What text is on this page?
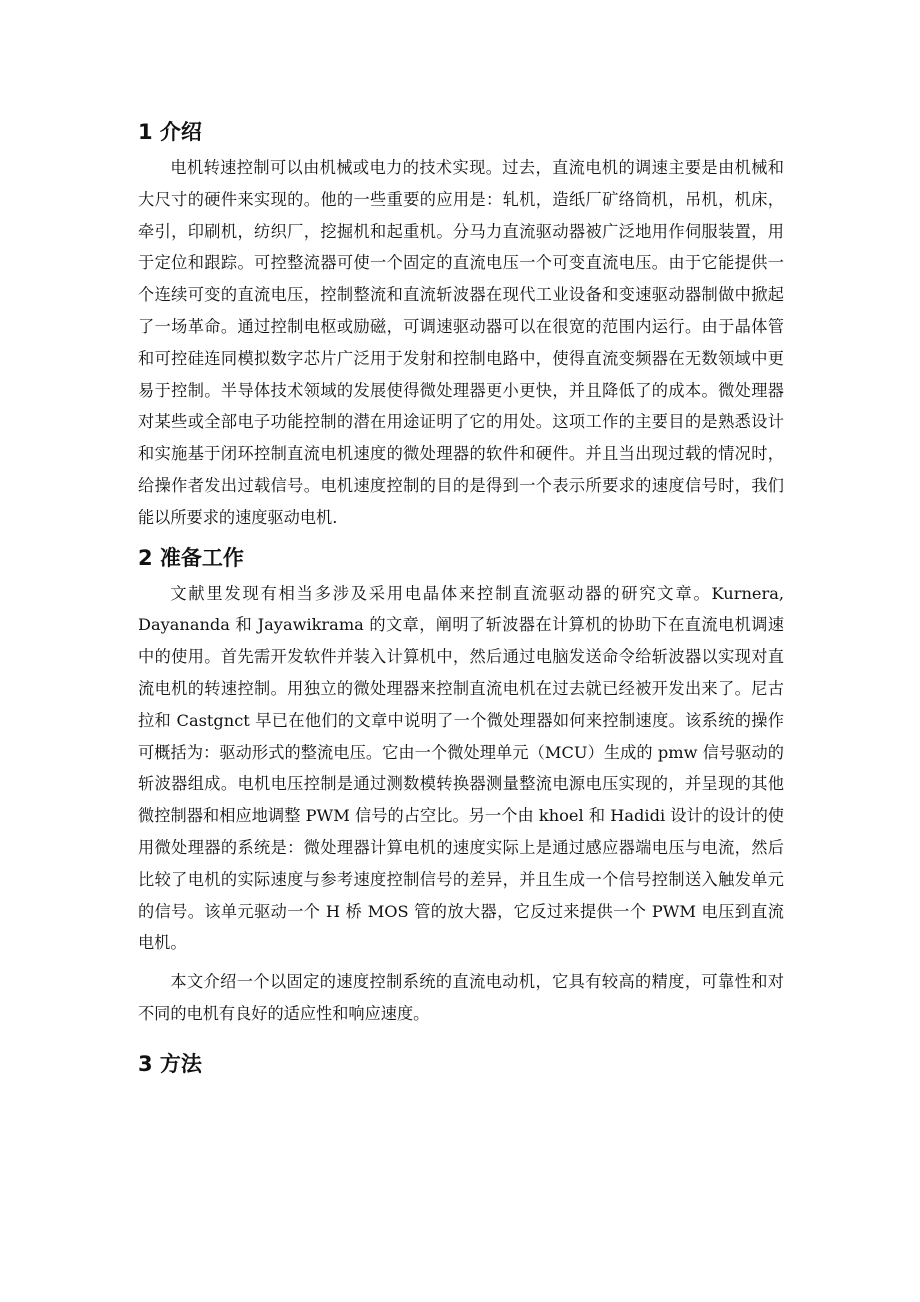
1 介绍

电机转速控制可以由机械或电力的技术实现。过去，直流电机的调速主要是由机械和大尺寸的硬件来实现的。他的一些重要的应用是：轧机，造纸厂矿络筒机，吊机，机床，牵引，印刷机，纺织厂，挖掘机和起重机。分马力直流驱动器被广泛地用作伺服装置，用于定位和跟踪。可控整流器可使一个固定的直流电压一个可变直流电压。由于它能提供一个连续可变的直流电压，控制整流和直流斩波器在现代工业设备和变速驱动器制做中掀起了一场革命。通过控制电枢或励磁，可调速驱动器可以在很宽的范围内运行。由于晶体管和可控硅连同模拟数字芯片广泛用于发射和控制电路中，使得直流变频器在无数领域中更易于控制。半导体技术领域的发展使得微处理器更小更快，并且降低了的成本。微处理器对某些或全部电子功能控制的潜在用途证明了它的用处。这项工作的主要目的是熟悉设计和实施基于闭环控制直流电机速度的微处理器的软件和硬件。并且当出现过载的情况时，给操作者发出过载信号。电机速度控制的目的是得到一个表示所要求的速度信号时，我们能以所要求的速度驱动电机.

2 准备工作

文献里发现有相当多涉及采用电晶体来控制直流驱动器的研究文章。Kurnera, Dayananda 和 Jayawikrama 的文章，阐明了斩波器在计算机的协助下在直流电机调速中的使用。首先需开发软件并装入计算机中，然后通过电脑发送命令给斩波器以实现对直流电机的转速控制。用独立的微处理器来控制直流电机在过去就已经被开发出来了。尼古拉和 Castgnct 早已在他们的文章中说明了一个微处理器如何来控制速度。该系统的操作可概括为：驱动形式的整流电压。它由一个微处理单元（MCU）生成的 pmw 信号驱动的斩波器组成。电机电压控制是通过测数模转换器测量整流电源电压实现的，并呈现的其他微控制器和相应地调整 PWM 信号的占空比。另一个由 khoel 和 Hadidi 设计的设计的使用微处理器的系统是：微处理器计算电机的速度实际上是通过感应器端电压与电流，然后比较了电机的实际速度与参考速度控制信号的差异，并且生成一个信号控制送入触发单元的信号。该单元驱动一个 H 桥 MOS 管的放大器，它反过来提供一个 PWM 电压到直流电机。

本文介绍一个以固定的速度控制系统的直流电动机，它具有较高的精度，可靠性和对不同的电机有良好的适应性和响应速度。

3 方法
